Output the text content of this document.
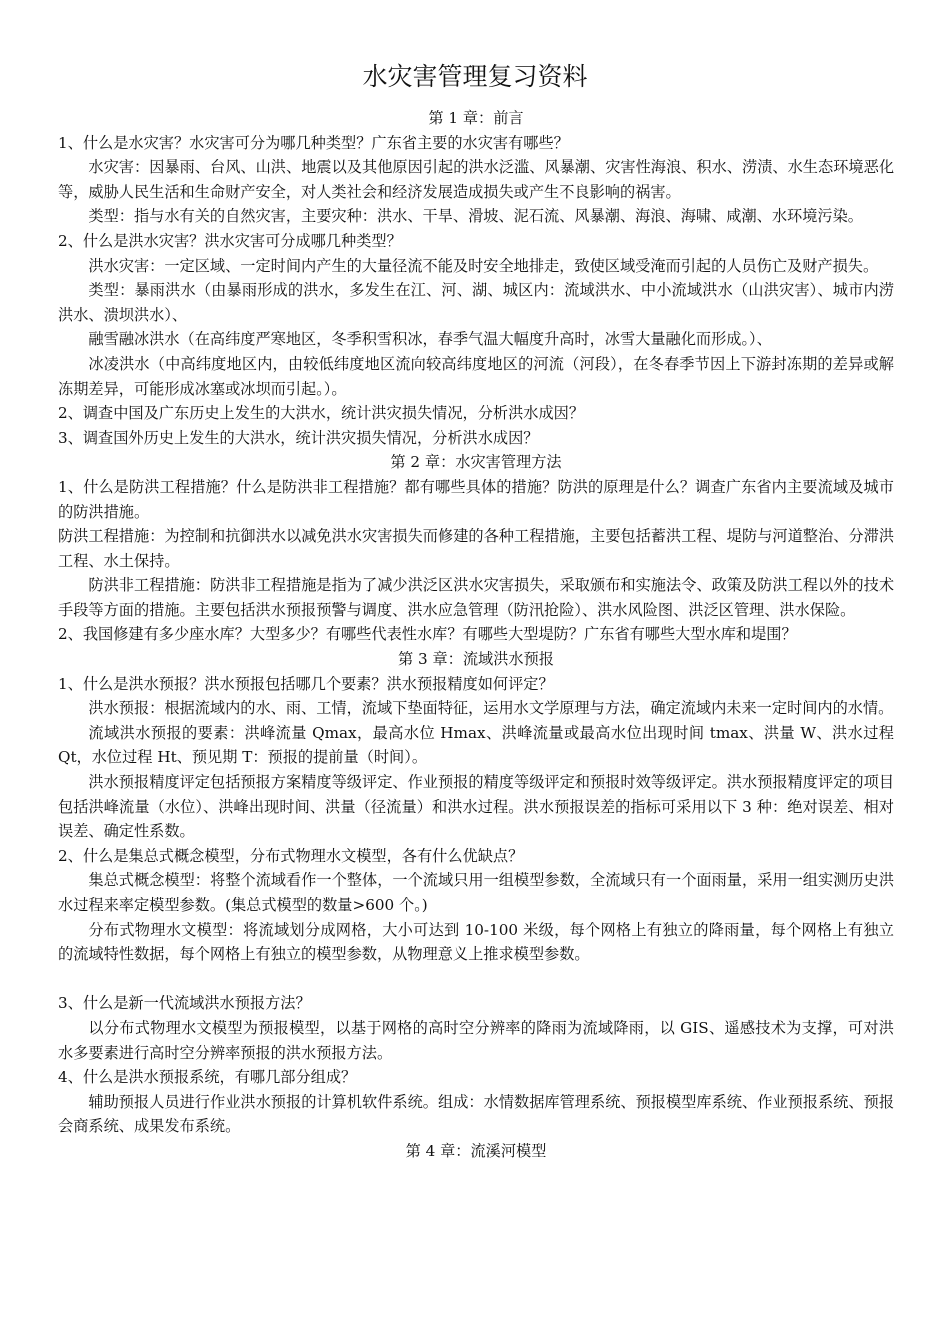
水灾害管理复习资料

第 1 章：前言

1、什么是水灾害？水灾害可分为哪几种类型？广东省主要的水灾害有哪些？

水灾害：因暴雨、台风、山洪、地震以及其他原因引起的洪水泛滥、风暴潮、灾害性海浪、积水、涝渍、水生态环境恶化等，威胁人民生活和生命财产安全，对人类社会和经济发展造成损失或产生不良影响的祸害。

类型：指与水有关的自然灾害，主要灾种：洪水、干旱、滑坡、泥石流、风暴潮、海浪、海啸、咸潮、水环境污染。

2、什么是洪水灾害？洪水灾害可分成哪几种类型？

洪水灾害：一定区域、一定时间内产生的大量径流不能及时安全地排走，致使区域受淹而引起的人员伤亡及财产损失。

类型：暴雨洪水（由暴雨形成的洪水，多发生在江、河、湖、城区内：流域洪水、中小流域洪水（山洪灾害）、城市内涝洪水、溃坝洪水）、

融雪融冰洪水（在高纬度严寒地区，冬季积雪积冰，春季气温大幅度升高时，冰雪大量融化而形成。）、

冰凌洪水（中高纬度地区内，由较低纬度地区流向较高纬度地区的河流（河段），在冬春季节因上下游封冻期的差异或解冻期差异，可能形成冰塞或冰坝而引起。）。

2、调查中国及广东历史上发生的大洪水，统计洪灾损失情况，分析洪水成因？

3、调查国外历史上发生的大洪水，统计洪灾损失情况，分析洪水成因？

第 2 章：水灾害管理方法

1、什么是防洪工程措施？什么是防洪非工程措施？都有哪些具体的措施？防洪的原理是什么？调查广东省内主要流域及城市的防洪措施。

防洪工程措施：为控制和抗御洪水以减免洪水灾害损失而修建的各种工程措施，主要包括蓄洪工程、堤防与河道整治、分滞洪工程、水土保持。

防洪非工程措施：防洪非工程措施是指为了减少洪泛区洪水灾害损失，采取颁布和实施法令、政策及防洪工程以外的技术手段等方面的措施。主要包括洪水预报预警与调度、洪水应急管理（防汛抢险）、洪水风险图、洪泛区管理、洪水保险。

2、我国修建有多少座水库？大型多少？有哪些代表性水库？有哪些大型堤防？广东省有哪些大型水库和堤围？

第 3 章：流域洪水预报

1、什么是洪水预报？洪水预报包括哪几个要素？洪水预报精度如何评定？

洪水预报：根据流域内的水、雨、工情，流域下垫面特征，运用水文学原理与方法，确定流域内未来一定时间内的水情。

流域洪水预报的要素：洪峰流量 Qmax，最高水位 Hmax、洪峰流量或最高水位出现时间 tmax、洪量 W、洪水过程 Qt，水位过程 Ht、预见期 T：预报的提前量（时间）。

洪水预报精度评定包括预报方案精度等级评定、作业预报的精度等级评定和预报时效等级评定。洪水预报精度评定的项目包括洪峰流量（水位）、洪峰出现时间、洪量（径流量）和洪水过程。洪水预报误差的指标可采用以下 3 种：绝对误差、相对误差、确定性系数。

2、什么是集总式概念模型，分布式物理水文模型，各有什么优缺点？

集总式概念模型：将整个流域看作一个整体，一个流域只用一组模型参数，全流域只有一个面雨量，采用一组实测历史洪水过程来率定模型参数。(集总式模型的数量>600 个。)

分布式物理水文模型：将流域划分成网格，大小可达到 10-100 米级，每个网格上有独立的降雨量，每个网格上有独立的流域特性数据，每个网格上有独立的模型参数，从物理意义上推求模型参数。

3、什么是新一代流域洪水预报方法？

以分布式物理水文模型为预报模型，以基于网格的高时空分辨率的降雨为流域降雨，以 GIS、遥感技术为支撑，可对洪水多要素进行高时空分辨率预报的洪水预报方法。

4、什么是洪水预报系统，有哪几部分组成？

辅助预报人员进行作业洪水预报的计算机软件系统。组成：水情数据库管理系统、预报模型库系统、作业预报系统、预报会商系统、成果发布系统。

第 4 章：流溪河模型
